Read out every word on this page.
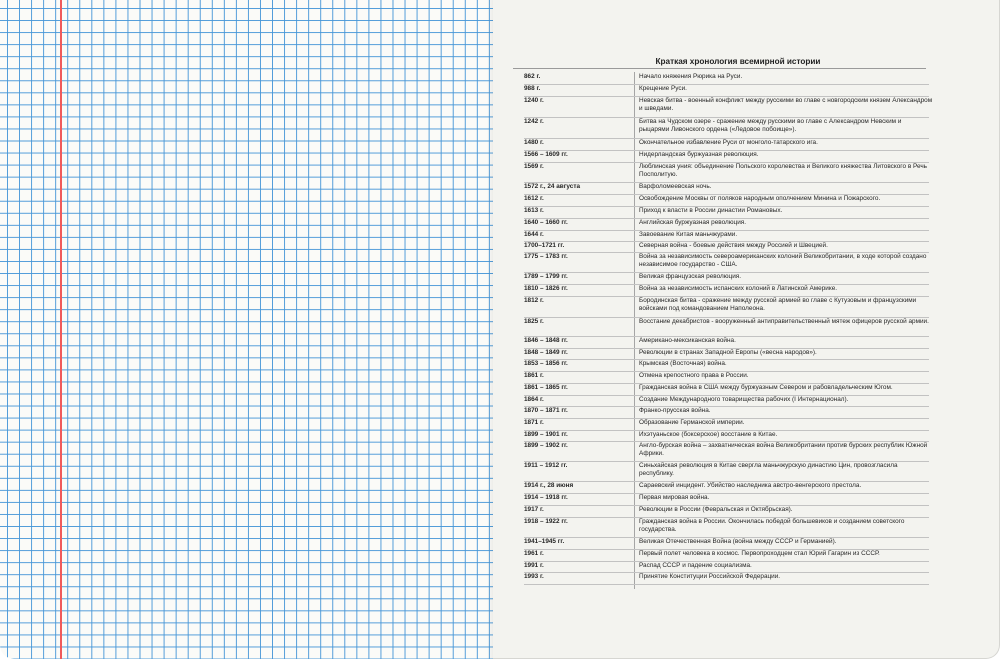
Краткая хронология всемирной истории
862 г.	Начало княжения Рюрика на Руси.
988 г.	Крещение Руси.
1240 г.	Невская битва - военный конфликт между русскими во главе с новгородским князем Александром и шведами.
1242 г.	Битва на Чудском озере - сражение между русскими во главе с Александром Невским и рыцарями Ливонского ордена («Ледовое побоище»).
1480 г.	Окончательное избавление Руси от монголо-татарского ига.
1566 – 1609 гг.	Нидерландская буржуазная революция.
1569 г.	Люблинская уния: объединение Польского королевства и Великого княжества Литовского в Речь Посполитую.
1572 г., 24 августа	Варфоломеевская ночь.
1612 г.	Освобождение Москвы от поляков народным ополчением Минина и Пожарского.
1613 г.	Приход к власти в России династии Романовых.
1640 – 1660 гг.	Английская буржуазная революция.
1644 г.	Завоевание Китая маньчжурами.
1700–1721 гг.	Северная война - боевые действия между Россией и Швецией.
1775 – 1783 гг.	Война за независимость североамериканских колоний Великобритании, в ходе которой создано независимое государство - США.
1789 – 1799 гг.	Великая французская революция.
1810 – 1826 гг.	Война за независимость испанских колоний в Латинской Америке.
1812 г.	Бородинская битва - сражение между русской армией во главе с Кутузовым и французскими войсками под командованием Наполеона.
1825 г.	Восстание декабристов - вооруженный антиправительственный мятеж офицеров русской армии.
1846 – 1848 гг.	Американо-мексиканская война.
1848 – 1849 гг.	Революции в странах Западной Европы («весна народов»).
1853 – 1856 гг.	Крымская (Восточная) война.
1861 г.	Отмена крепостного права в России.
1861 – 1865 гг.	Гражданская война в США между буржуазным Севером и рабовладельческим Югом.
1864 г.	Создание Международного товарищества рабочих (I Интернационал).
1870 – 1871 гг.	Франко-прусская война.
1871 г.	Образование Германской империи.
1899 – 1901 гг.	Ихэтуаньское (боксерское) восстание в Китае.
1899 – 1902 гг.	Англо-бурская война – захватническая война Великобритании против бурских республик Южной Африки.
1911 – 1912 гг.	Синьхайская революция в Китае свергла маньчжурскую династию Цин, провозгласила республику.
1914 г., 28 июня	Сараевский инцидент. Убийство наследника австро-венгерского престола.
1914 – 1918 гг.	Первая мировая война.
1917 г.	Революции в России (Февральская и Октябрьская).
1918 – 1922 гг.	Гражданская война в России. Окончилась победой большевиков и созданием советского государства.
1941–1945 гг.	Великая Отечественная Война (война между СССР и Германией).
1961 г.	Первый полет человека в космос. Первопроходцем стал Юрий Гагарин из СССР.
1991 г.	Распад СССР и падение социализма.
1993 г.	Принятие Конституции Российской Федерации.
